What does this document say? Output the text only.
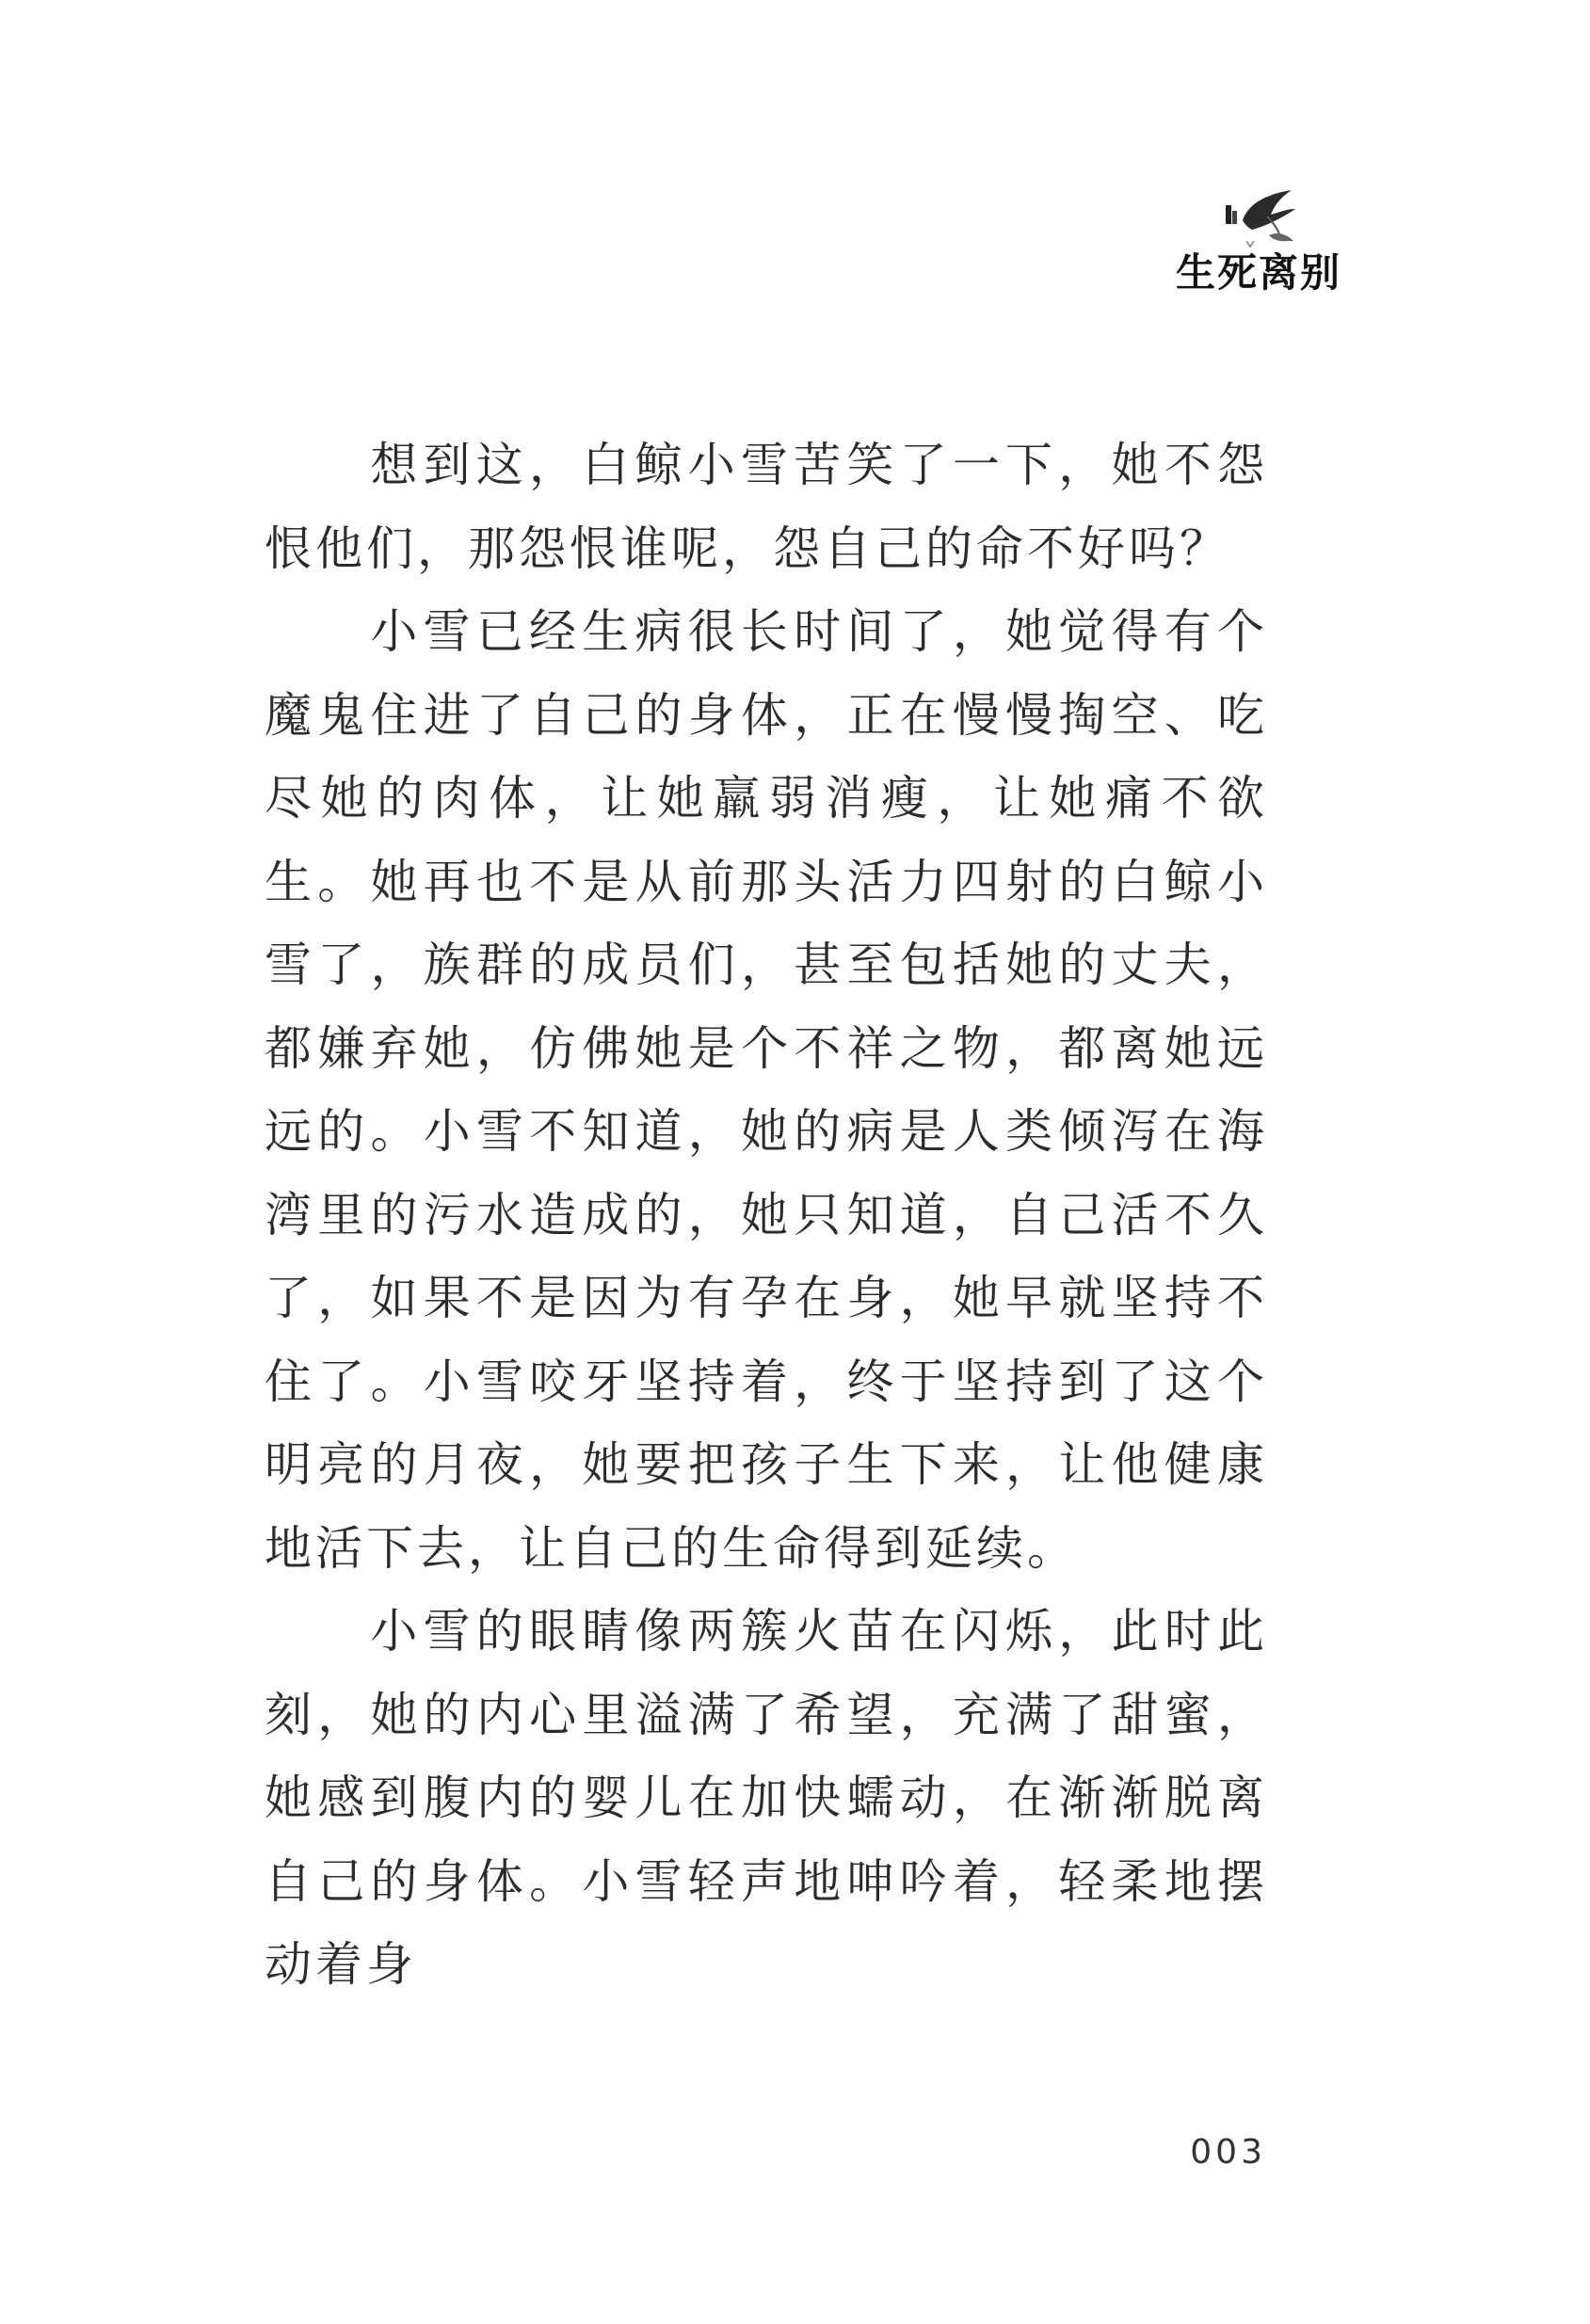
生死离别

想到这，白鲸小雪苦笑了一下，她不怨恨他们，那怨恨谁呢，怨自己的命不好吗？

小雪已经生病很长时间了，她觉得有个魔鬼住进了自己的身体，正在慢慢掏空、吃尽她的肉体，让她羸弱消瘦，让她痛不欲生。她再也不是从前那头活力四射的白鲸小雪了，族群的成员们，甚至包括她的丈夫，都嫌弃她，仿佛她是个不祥之物，都离她远远的。小雪不知道，她的病是人类倾泻在海湾里的污水造成的，她只知道，自己活不久了，如果不是因为有孕在身，她早就坚持不住了。小雪咬牙坚持着，终于坚持到了这个明亮的月夜，她要把孩子生下来，让他健康地活下去，让自己的生命得到延续。

小雪的眼睛像两簇火苗在闪烁，此时此刻，她的内心里溢满了希望，充满了甜蜜，她感到腹内的婴儿在加快蠕动，在渐渐脱离自己的身体。小雪轻声地呻吟着，轻柔地摆动着身

003
